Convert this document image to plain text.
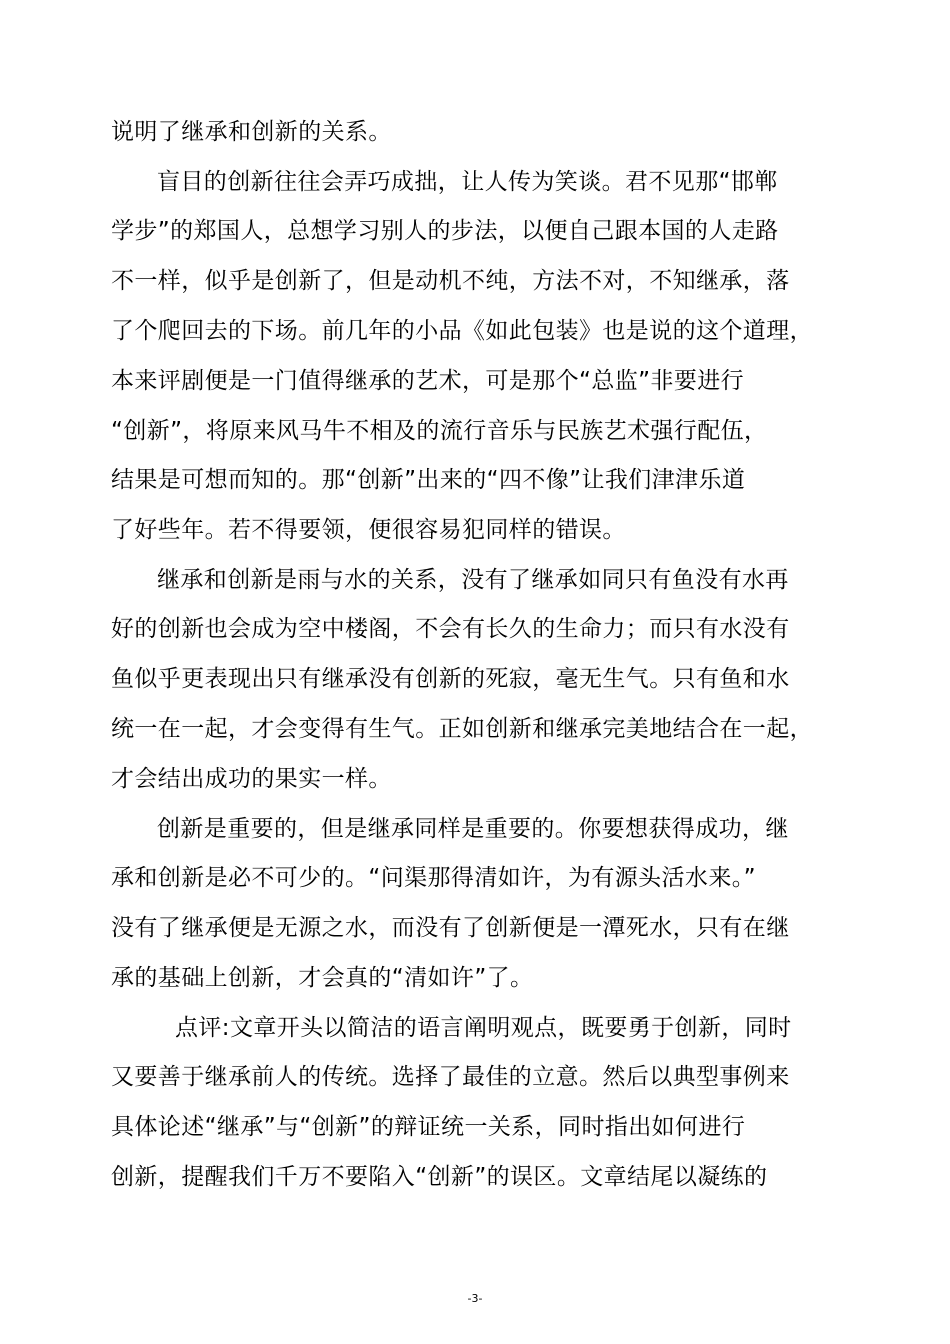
说明了继承和创新的关系。
盲目的创新往往会弄巧成拙，让人传为笑谈。君不见那“邯郸
学步”的郑国人，总想学习别人的步法，以便自己跟本国的人走路
不一样，似乎是创新了，但是动机不纯，方法不对，不知继承，落
了个爬回去的下场。前几年的小品《如此包装》也是说的这个道理，
本来评剧便是一门值得继承的艺术，可是那个“总监”非要进行
“创新”，将原来风马牛不相及的流行音乐与民族艺术强行配伍，
结果是可想而知的。那“创新”出来的“四不像”让我们津津乐道
了好些年。若不得要领，便很容易犯同样的错误。
继承和创新是雨与水的关系，没有了继承如同只有鱼没有水再
好的创新也会成为空中楼阁，不会有长久的生命力；而只有水没有
鱼似乎更表现出只有继承没有创新的死寂，毫无生气。只有鱼和水
统一在一起，才会变得有生气。正如创新和继承完美地结合在一起，
才会结出成功的果实一样。
创新是重要的，但是继承同样是重要的。你要想获得成功，继
承和创新是必不可少的。“问渠那得清如许，为有源头活水来。”
没有了继承便是无源之水，而没有了创新便是一潭死水，只有在继
承的基础上创新，才会真的“清如许”了。
点评:文章开头以简洁的语言阐明观点，既要勇于创新，同时
又要善于继承前人的传统。选择了最佳的立意。然后以典型事例来
具体论述“继承”与“创新”的辩证统一关系，同时指出如何进行
创新，提醒我们千万不要陷入“创新”的误区。文章结尾以凝练的
-3-
